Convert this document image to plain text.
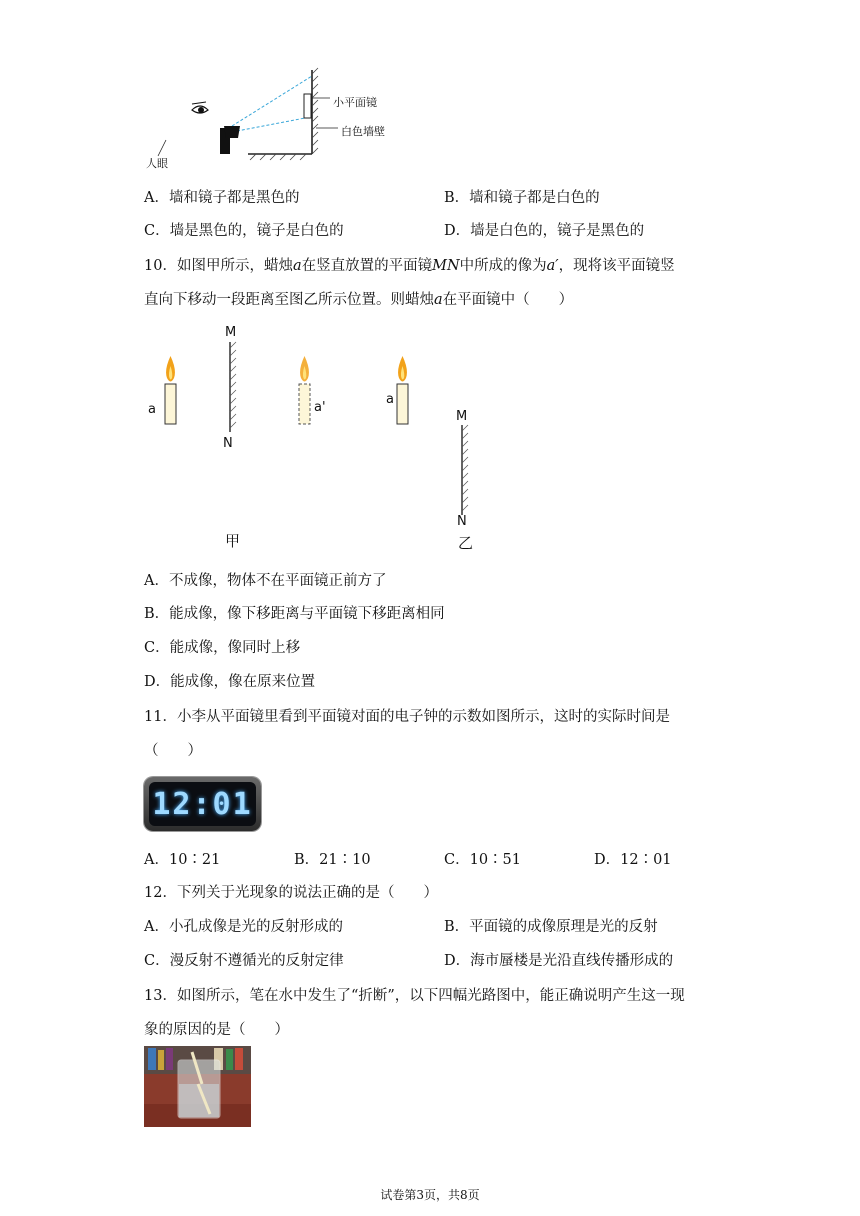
小平面镜
白色墙壁
人眼
A．墙和镜子都是黑色的	B．墙和镜子都是白色的
C．墙是黑色的，镜子是白色的	D．墙是白色的，镜子是黑色的
10．如图甲所示，蜡烛a在竖直放置的平面镜MN中所成的像为a′，现将该平面镜竖
直向下移动一段距离至图乙所示位置。则蜡烛a在平面镜中（　　）
M
N
a	a'
a
M
N
甲	乙
A．不成像，物体不在平面镜正前方了
B．能成像，像下移距离与平面镜下移距离相同
C．能成像，像同时上移
D．能成像，像在原来位置
11．小李从平面镜里看到平面镜对面的电子钟的示数如图所示，这时的实际时间是
（　　）
12:01
A．10∶21	B．21∶10	C．10∶51	D．12∶01
12．下列关于光现象的说法正确的是（　　）
A．小孔成像是光的反射形成的	B．平面镜的成像原理是光的反射
C．漫反射不遵循光的反射定律	D．海市蜃楼是光沿直线传播形成的
13．如图所示，笔在水中发生了“折断”，以下四幅光路图中，能正确说明产生这一现
象的原因的是（　　）
试卷第3页，共8页
